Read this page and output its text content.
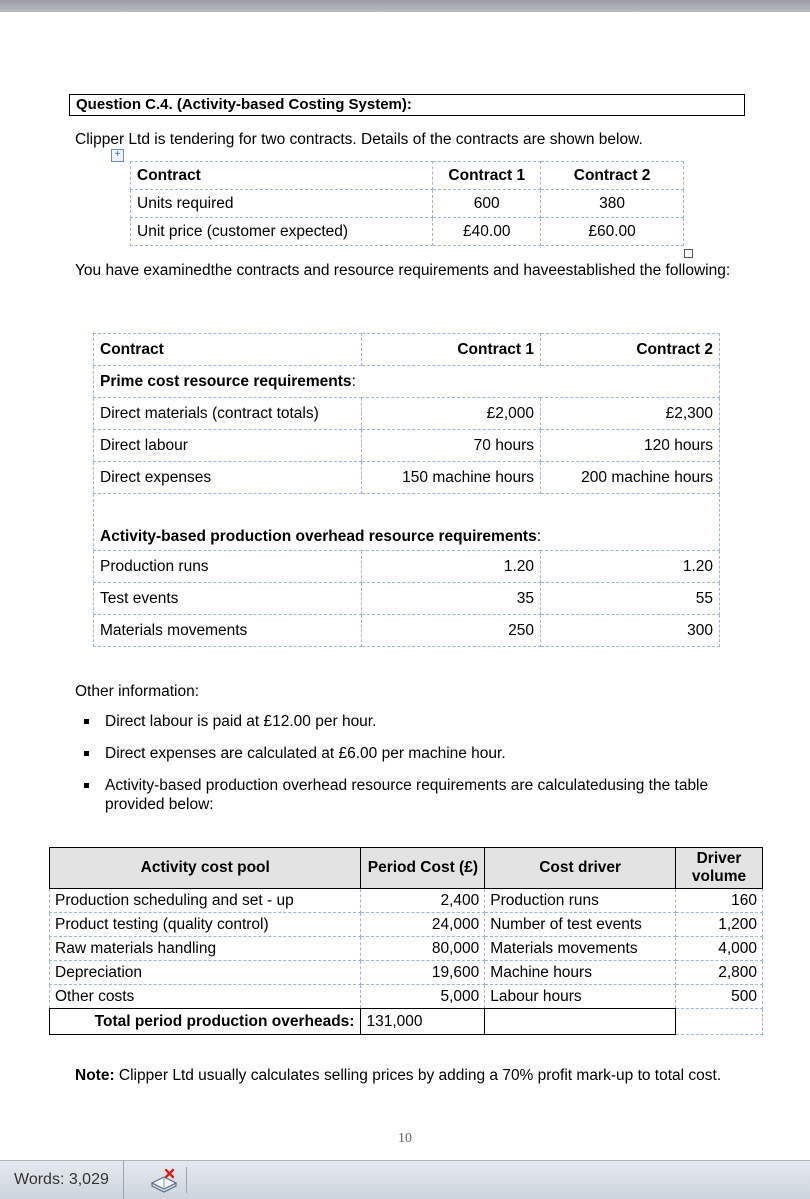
Question C.4. (Activity-based Costing System):
Clipper Ltd is tendering for two contracts. Details of the contracts are shown below.
+
Contract	Contract 1	Contract 2
Units required	600	380
Unit price (customer expected)	£40.00	£60.00
You have examinedthe contracts and resource requirements and haveestablished the following:
Contract	Contract 1	Contract 2
Prime cost resource requirements:		
Direct materials (contract totals)	£2,000	£2,300
Direct labour	70 hours	120 hours
Direct expenses	150 machine hours	200 machine hours
Activity-based production overhead resource requirements:		
Production runs	1.20	1.20
Test events	35	55
Materials movements	250	300
Other information:
Direct labour is paid at £12.00 per hour.
Direct expenses are calculated at £6.00 per machine hour.
Activity-based production overhead resource requirements are calculatedusing the table provided below:
Activity cost pool	Period Cost (£)	Cost driver	Driver volume
Production scheduling and set - up	2,400	Production runs	160
Product testing (quality control)	24,000	Number of test events	1,200
Raw materials handling	80,000	Materials movements	4,000
Depreciation	19,600	Machine hours	2,800
Other costs	5,000	Labour hours	500
Total period production overheads:	131,000		
Note: Clipper Ltd usually calculates selling prices by adding a 70% profit mark-up to total cost.
10
Words: 3,029
